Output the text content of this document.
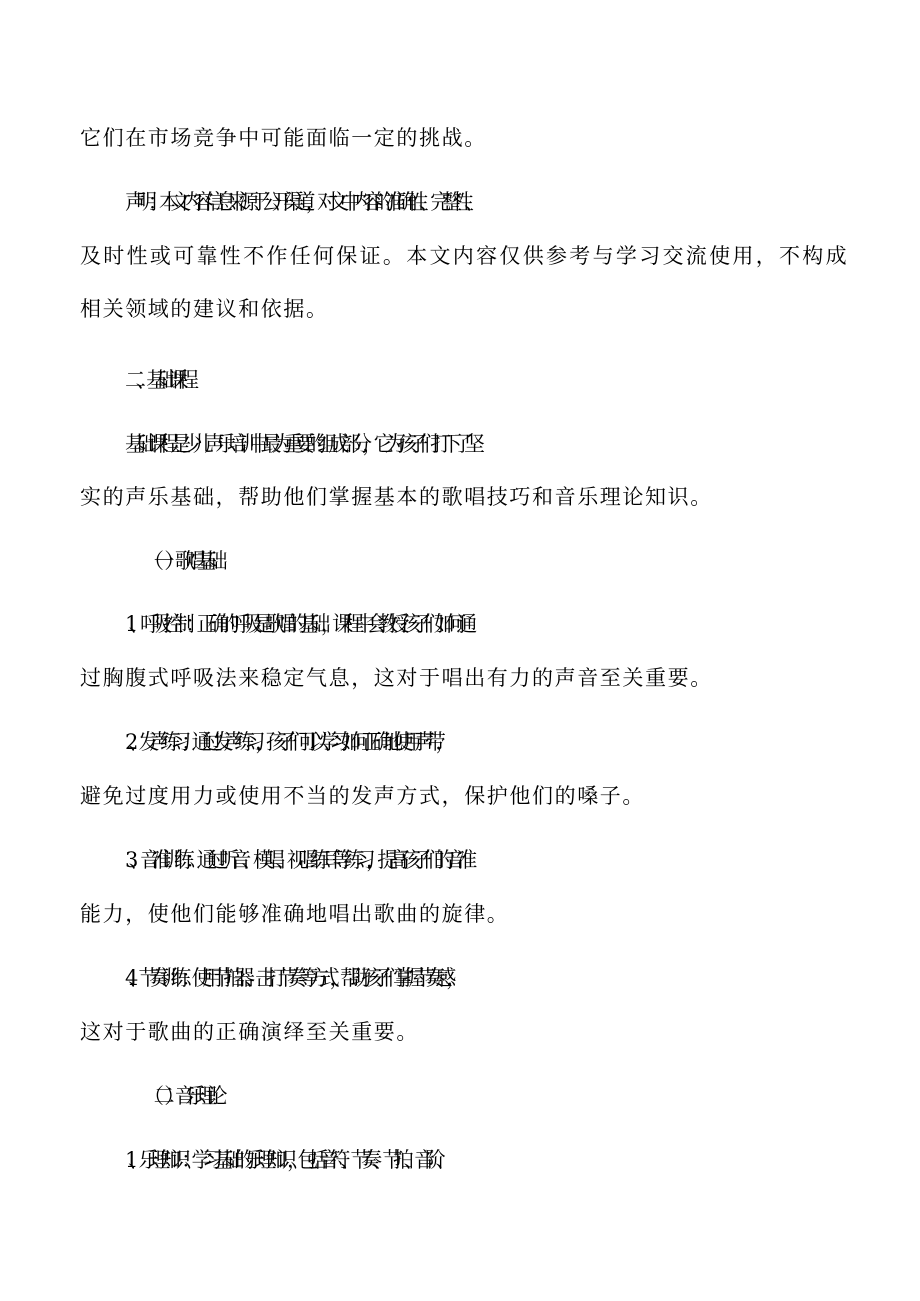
它们在市场竞争中可能面临一定的挑战。
声明：本文内容信息来源于公开渠道，对文中内容的准确性、完整性、
及时性或可靠性不作任何保证。本文内容仅供参考与学习交流使用，不构成
相关领域的建议和依据。
二、基础课程
基础课程是少儿声乐培训中最为重要的组成部分，它为孩子们打下了坚
实的声乐基础，帮助他们掌握基本的歌唱技巧和音乐理论知识。
（一）歌唱基础
1、呼吸控制：正确的呼吸是歌唱的基础，课程中会教授孩子们如何通
过胸腹式呼吸法来稳定气息，这对于唱出有力的声音至关重要。
2、发声练习：通过发声练习，孩子们可以学习如何正确地使用声带，
避免过度用力或使用不当的发声方式，保护他们的嗓子。
3、音准训练：通过听音、模唱、视唱练耳等练习，提高孩子们的音准
能力，使他们能够准确地唱出歌曲的旋律。
4、节奏训练：使用节拍器、击打节奏等方式，帮助孩子们掌握节奏感，
这对于歌曲的正确演绎至关重要。
（二）音乐理论
1、乐理知识：学习基础的乐理知识，包括音符、节奏、节拍、音阶、
